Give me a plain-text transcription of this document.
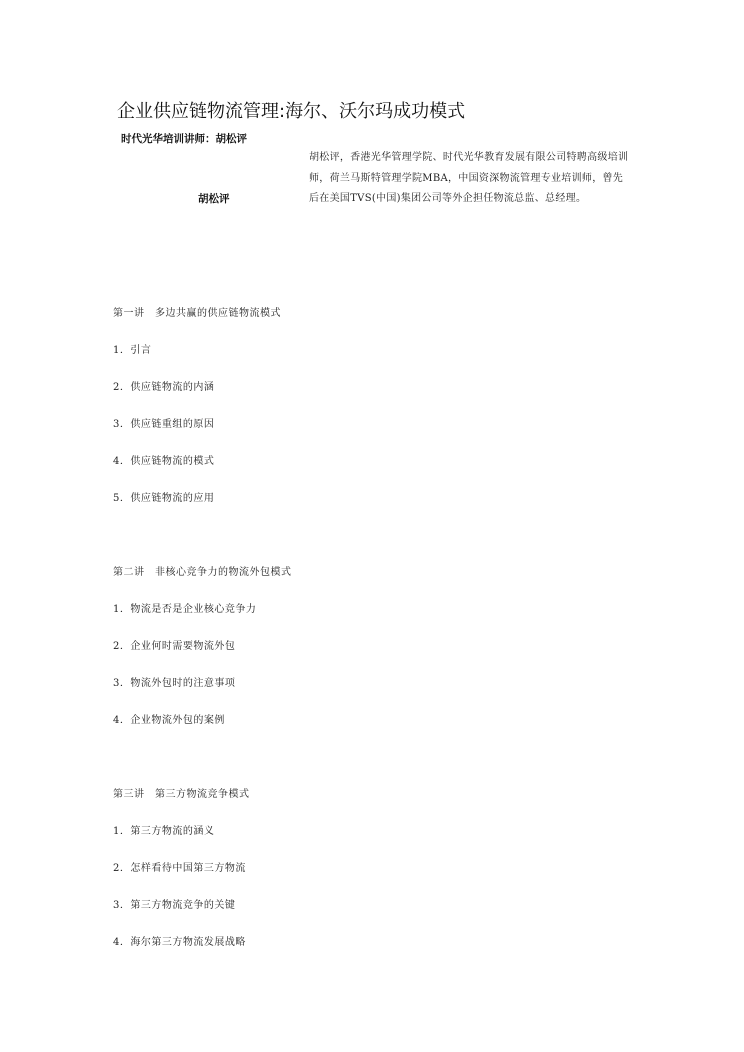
企业供应链物流管理:海尔、沃尔玛成功模式
时代光华培训讲师：胡松评
胡松评
胡松评，香港光华管理学院、时代光华教育发展有限公司特聘高级培训师，荷兰马斯特管理学院MBA，中国资深物流管理专业培训师，曾先后在美国TVS(中国)集团公司等外企担任物流总监、总经理。
第一讲　多边共赢的供应链物流模式
1．引言
2．供应链物流的内涵
3．供应链重组的原因
4．供应链物流的模式
5．供应链物流的应用
第二讲　非核心竞争力的物流外包模式
1．物流是否是企业核心竞争力
2．企业何时需要物流外包
3．物流外包时的注意事项
4．企业物流外包的案例
第三讲　第三方物流竞争模式
1．第三方物流的涵义
2．怎样看待中国第三方物流
3．第三方物流竞争的关键
4．海尔第三方物流发展战略
